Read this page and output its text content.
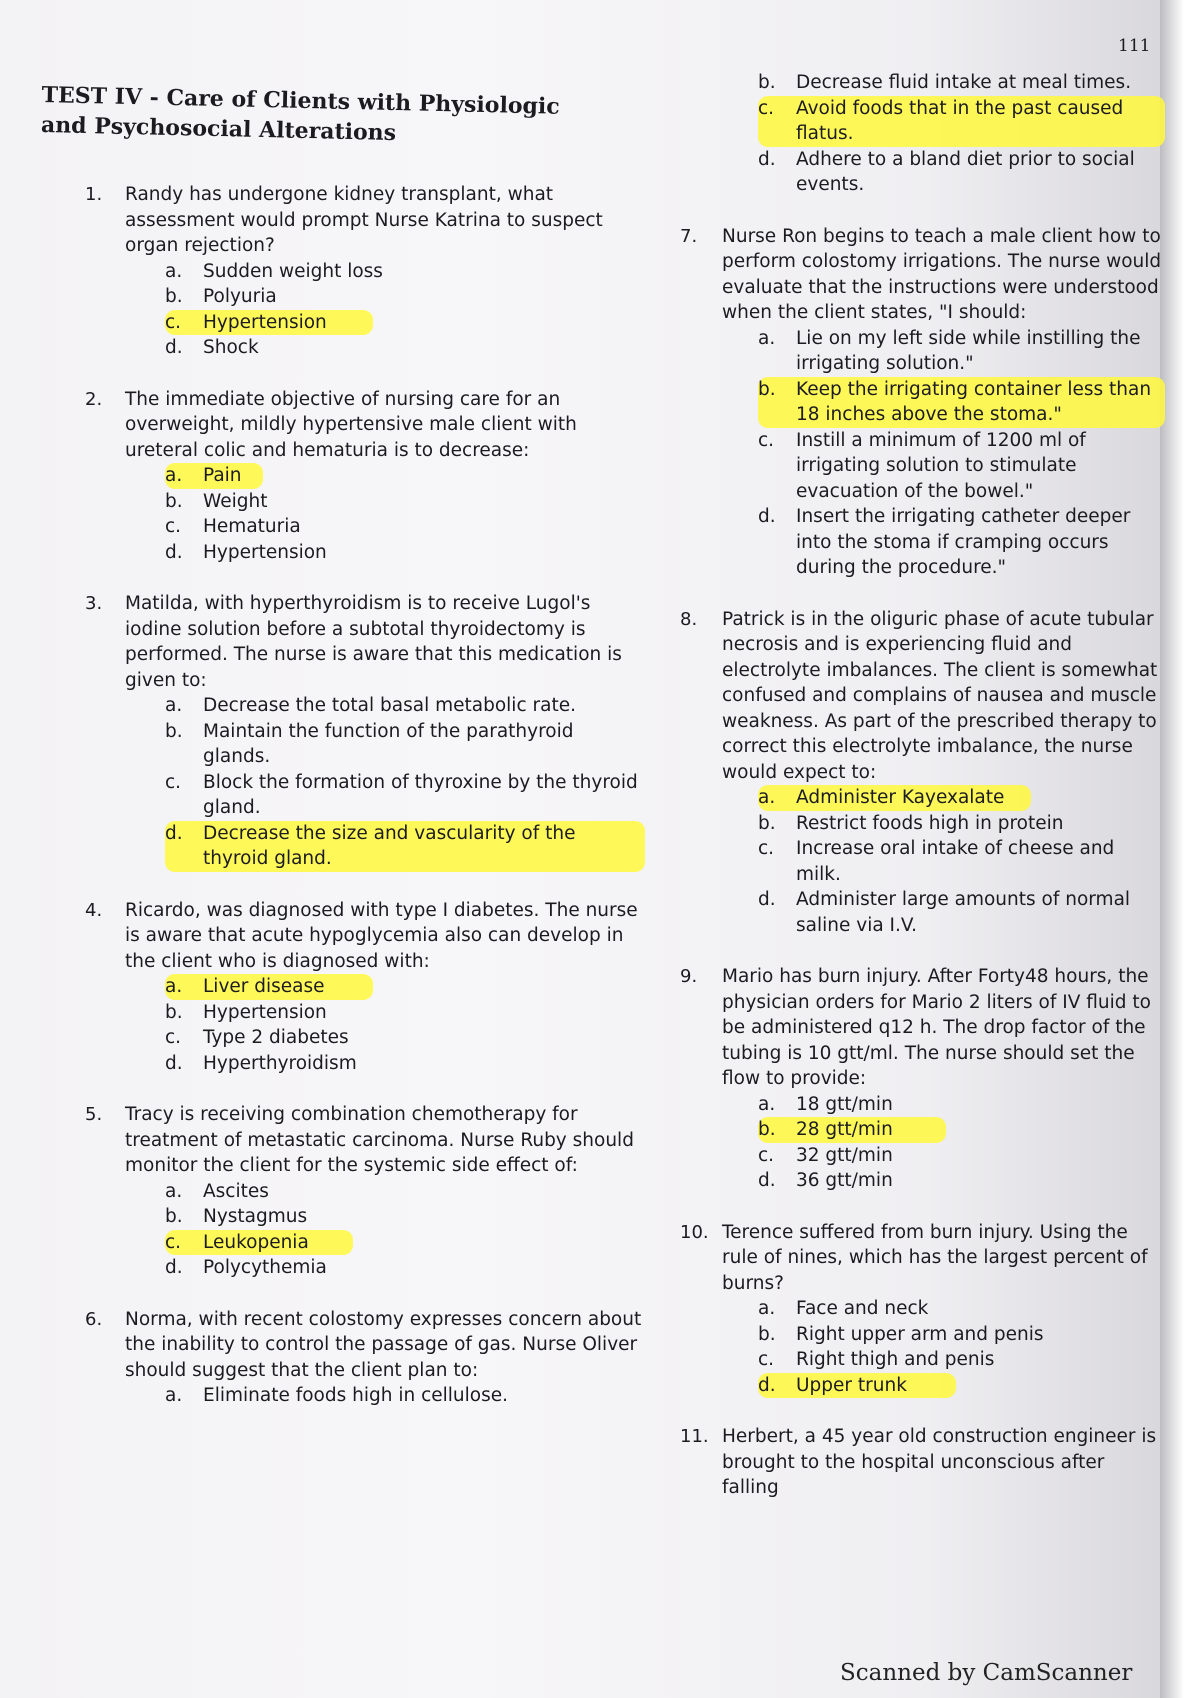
111
TEST IV - Care of Clients with Physiologic and Psychosocial Alterations
1. Randy has undergone kidney transplant, what assessment would prompt Nurse Katrina to suspect organ rejection?
a. Sudden weight loss
b. Polyuria
c. Hypertension
d. Shock
2. The immediate objective of nursing care for an overweight, mildly hypertensive male client with ureteral colic and hematuria is to decrease:
a. Pain
b. Weight
c. Hematuria
d. Hypertension
3. Matilda, with hyperthyroidism is to receive Lugol's iodine solution before a subtotal thyroidectomy is performed. The nurse is aware that this medication is given to:
a. Decrease the total basal metabolic rate.
b. Maintain the function of the parathyroid glands.
c. Block the formation of thyroxine by the thyroid gland.
d. Decrease the size and vascularity of the thyroid gland.
4. Ricardo, was diagnosed with type I diabetes. The nurse is aware that acute hypoglycemia also can develop in the client who is diagnosed with:
a. Liver disease
b. Hypertension
c. Type 2 diabetes
d. Hyperthyroidism
5. Tracy is receiving combination chemotherapy for treatment of metastatic carcinoma. Nurse Ruby should monitor the client for the systemic side effect of:
a. Ascites
b. Nystagmus
c. Leukopenia
d. Polycythemia
6. Norma, with recent colostomy expresses concern about the inability to control the passage of gas. Nurse Oliver should suggest that the client plan to:
a. Eliminate foods high in cellulose.
b. Decrease fluid intake at meal times.
c. Avoid foods that in the past caused flatus.
d. Adhere to a bland diet prior to social events.
7. Nurse Ron begins to teach a male client how to perform colostomy irrigations. The nurse would evaluate that the instructions were understood when the client states, "I should:
a. Lie on my left side while instilling the irrigating solution."
b. Keep the irrigating container less than 18 inches above the stoma."
c. Instill a minimum of 1200 ml of irrigating solution to stimulate evacuation of the bowel."
d. Insert the irrigating catheter deeper into the stoma if cramping occurs during the procedure."
8. Patrick is in the oliguric phase of acute tubular necrosis and is experiencing fluid and electrolyte imbalances. The client is somewhat confused and complains of nausea and muscle weakness. As part of the prescribed therapy to correct this electrolyte imbalance, the nurse would expect to:
a. Administer Kayexalate
b. Restrict foods high in protein
c. Increase oral intake of cheese and milk.
d. Administer large amounts of normal saline via I.V.
9. Mario has burn injury. After Forty48 hours, the physician orders for Mario 2 liters of IV fluid to be administered q12 h. The drop factor of the tubing is 10 gtt/ml. The nurse should set the flow to provide:
a. 18 gtt/min
b. 28 gtt/min
c. 32 gtt/min
d. 36 gtt/min
10. Terence suffered from burn injury. Using the rule of nines, which has the largest percent of burns?
a. Face and neck
b. Right upper arm and penis
c. Right thigh and penis
d. Upper trunk
11. Herbert, a 45 year old construction engineer is brought to the hospital unconscious after falling
Scanned by CamScanner
